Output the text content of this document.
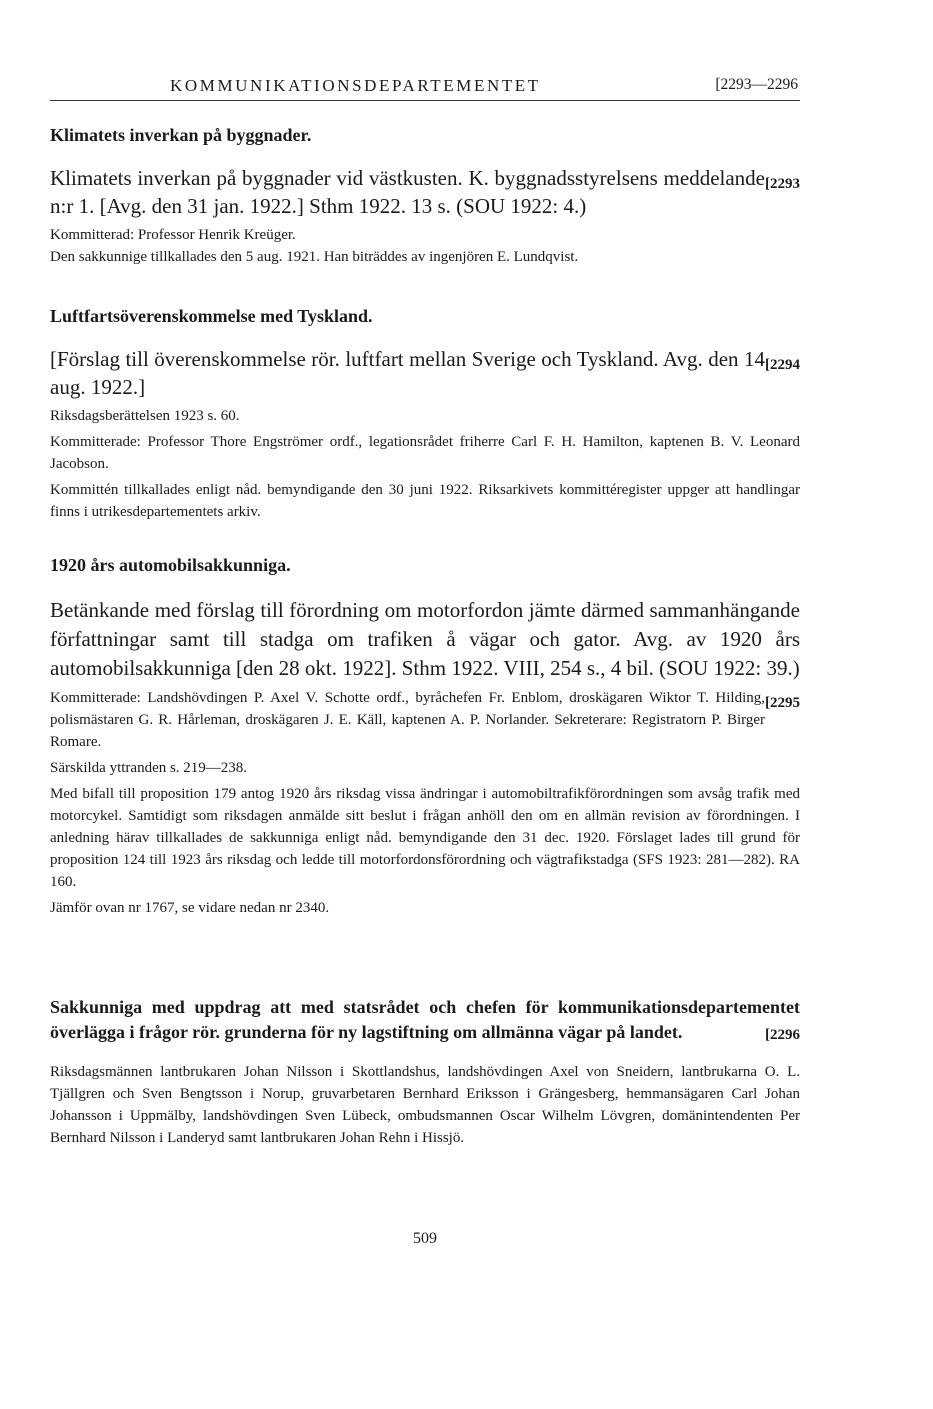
KOMMUNIKATIONSDEPARTEMENTET	[2293—2296
Klimatets inverkan på byggnader.

[2293
Klimatets inverkan på byggnader vid västkusten. K. byggnadsstyrelsens meddelande n:r 1. [Avg. den 31 jan. 1922.] Sthm 1922. 13 s. (SOU 1922: 4.)

Kommitterad: Professor Henrik Kreüger.

Den sakkunnige tillkallades den 5 aug. 1921. Han biträddes av ingenjören E. Lundqvist.

Luftfartsöverenskommelse med Tyskland.

[2294
[Förslag till överenskommelse rör. luftfart mellan Sverige och Tyskland. Avg. den 14 aug. 1922.]

Riksdagsberättelsen 1923 s. 60.

Kommitterade: Professor Thore Engströmer ordf., legationsrådet friherre Carl F. H. Hamilton, kaptenen B. V. Leonard Jacobson.

Kommittén tillkallades enligt nåd. bemyndigande den 30 juni 1922. Riksarkivets kommittéregister uppger att handlingar finns i utrikesdepartementets arkiv.

1920 års automobilsakkunniga.

Betänkande med förslag till förordning om motorfordon jämte därmed sammanhängande författningar samt till stadga om trafiken å vägar och gator. Avg. av 1920 års automobilsakkunniga [den 28 okt. 1922]. Sthm 1922. VIII, 254 s., 4 bil. (SOU 1922: 39.)
[2295

Kommitterade: Landshövdingen P. Axel V. Schotte ordf., byråchefen Fr. Enblom, droskägaren Wiktor T. Hilding, polismästaren G. R. Hårleman, droskägaren J. E. Käll, kaptenen A. P. Norlander. Sekreterare: Registratorn P. Birger Romare.

Särskilda yttranden s. 219—238.

Med bifall till proposition 179 antog 1920 års riksdag vissa ändringar i automobiltrafikförordningen som avsåg trafik med motorcykel. Samtidigt som riksdagen anmälde sitt beslut i frågan anhöll den om en allmän revision av förordningen. I anledning härav tillkallades de sakkunniga enligt nåd. bemyndigande den 31 dec. 1920. Förslaget lades till grund för proposition 124 till 1923 års riksdag och ledde till motorfordonsförordning och vägtrafikstadga (SFS 1923: 281—282). RA 160.

Jämför ovan nr 1767, se vidare nedan nr 2340.

Sakkunniga med uppdrag att med statsrådet och chefen för kommunikationsdepartementet överlägga i frågor rör. grunderna för ny lagstiftning om allmänna vägar på landet.	[2296

Riksdagsmännen lantbrukaren Johan Nilsson i Skottlandshus, landshövdingen Axel von Sneidern, lantbrukarna O. L. Tjällgren och Sven Bengtsson i Norup, gruvarbetaren Bernhard Eriksson i Grängesberg, hemmansägaren Carl Johan Johansson i Uppmälby, landshövdingen Sven Lübeck, ombudsmannen Oscar Wilhelm Lövgren, domänintendenten Per Bernhard Nilsson i Landeryd samt lantbrukaren Johan Rehn i Hissjö.

509
